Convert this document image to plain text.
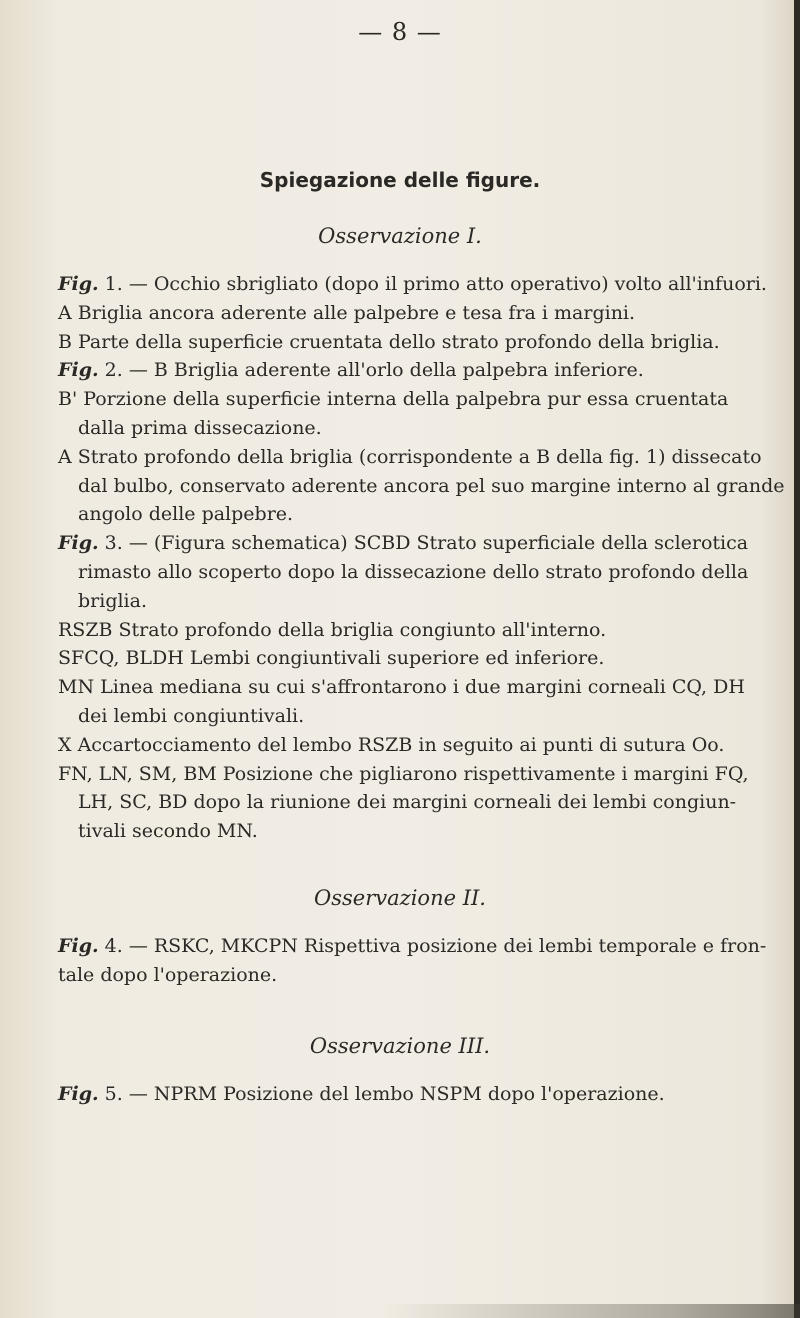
— 8 —
Spiegazione delle figure.
Osservazione I.
Fig. 1. — Occhio sbrigliato (dopo il primo atto operativo) volto all'infuori.
A Briglia ancora aderente alle palpebre e tesa fra i margini.
B Parte della superficie cruentata dello strato profondo della briglia.
Fig. 2. — B Briglia aderente all'orlo della palpebra inferiore.
B' Porzione della superficie interna della palpebra pur essa cruentata
dalla prima dissecazione.
A Strato profondo della briglia (corrispondente a B della fig. 1) dissecato
dal bulbo, conservato aderente ancora pel suo margine interno al grande
angolo delle palpebre.
Fig. 3. — (Figura schematica) SCBD Strato superficiale della sclerotica
rimasto allo scoperto dopo la dissecazione dello strato profondo della
briglia.
RSZB Strato profondo della briglia congiunto all'interno.
SFCQ, BLDH Lembi congiuntivali superiore ed inferiore.
MN Linea mediana su cui s'affrontarono i due margini corneali CQ, DH
dei lembi congiuntivali.
X Accartocciamento del lembo RSZB in seguito ai punti di sutura Oo.
FN, LN, SM, BM Posizione che pigliarono rispettivamente i margini FQ,
LH, SC, BD dopo la riunione dei margini corneali dei lembi congiun-
tivali secondo MN.
Osservazione II.
Fig. 4. — RSKC, MKCPN Rispettiva posizione dei lembi temporale e fron-
tale dopo l'operazione.
Osservazione III.
Fig. 5. — NPRM Posizione del lembo NSPM dopo l'operazione.
